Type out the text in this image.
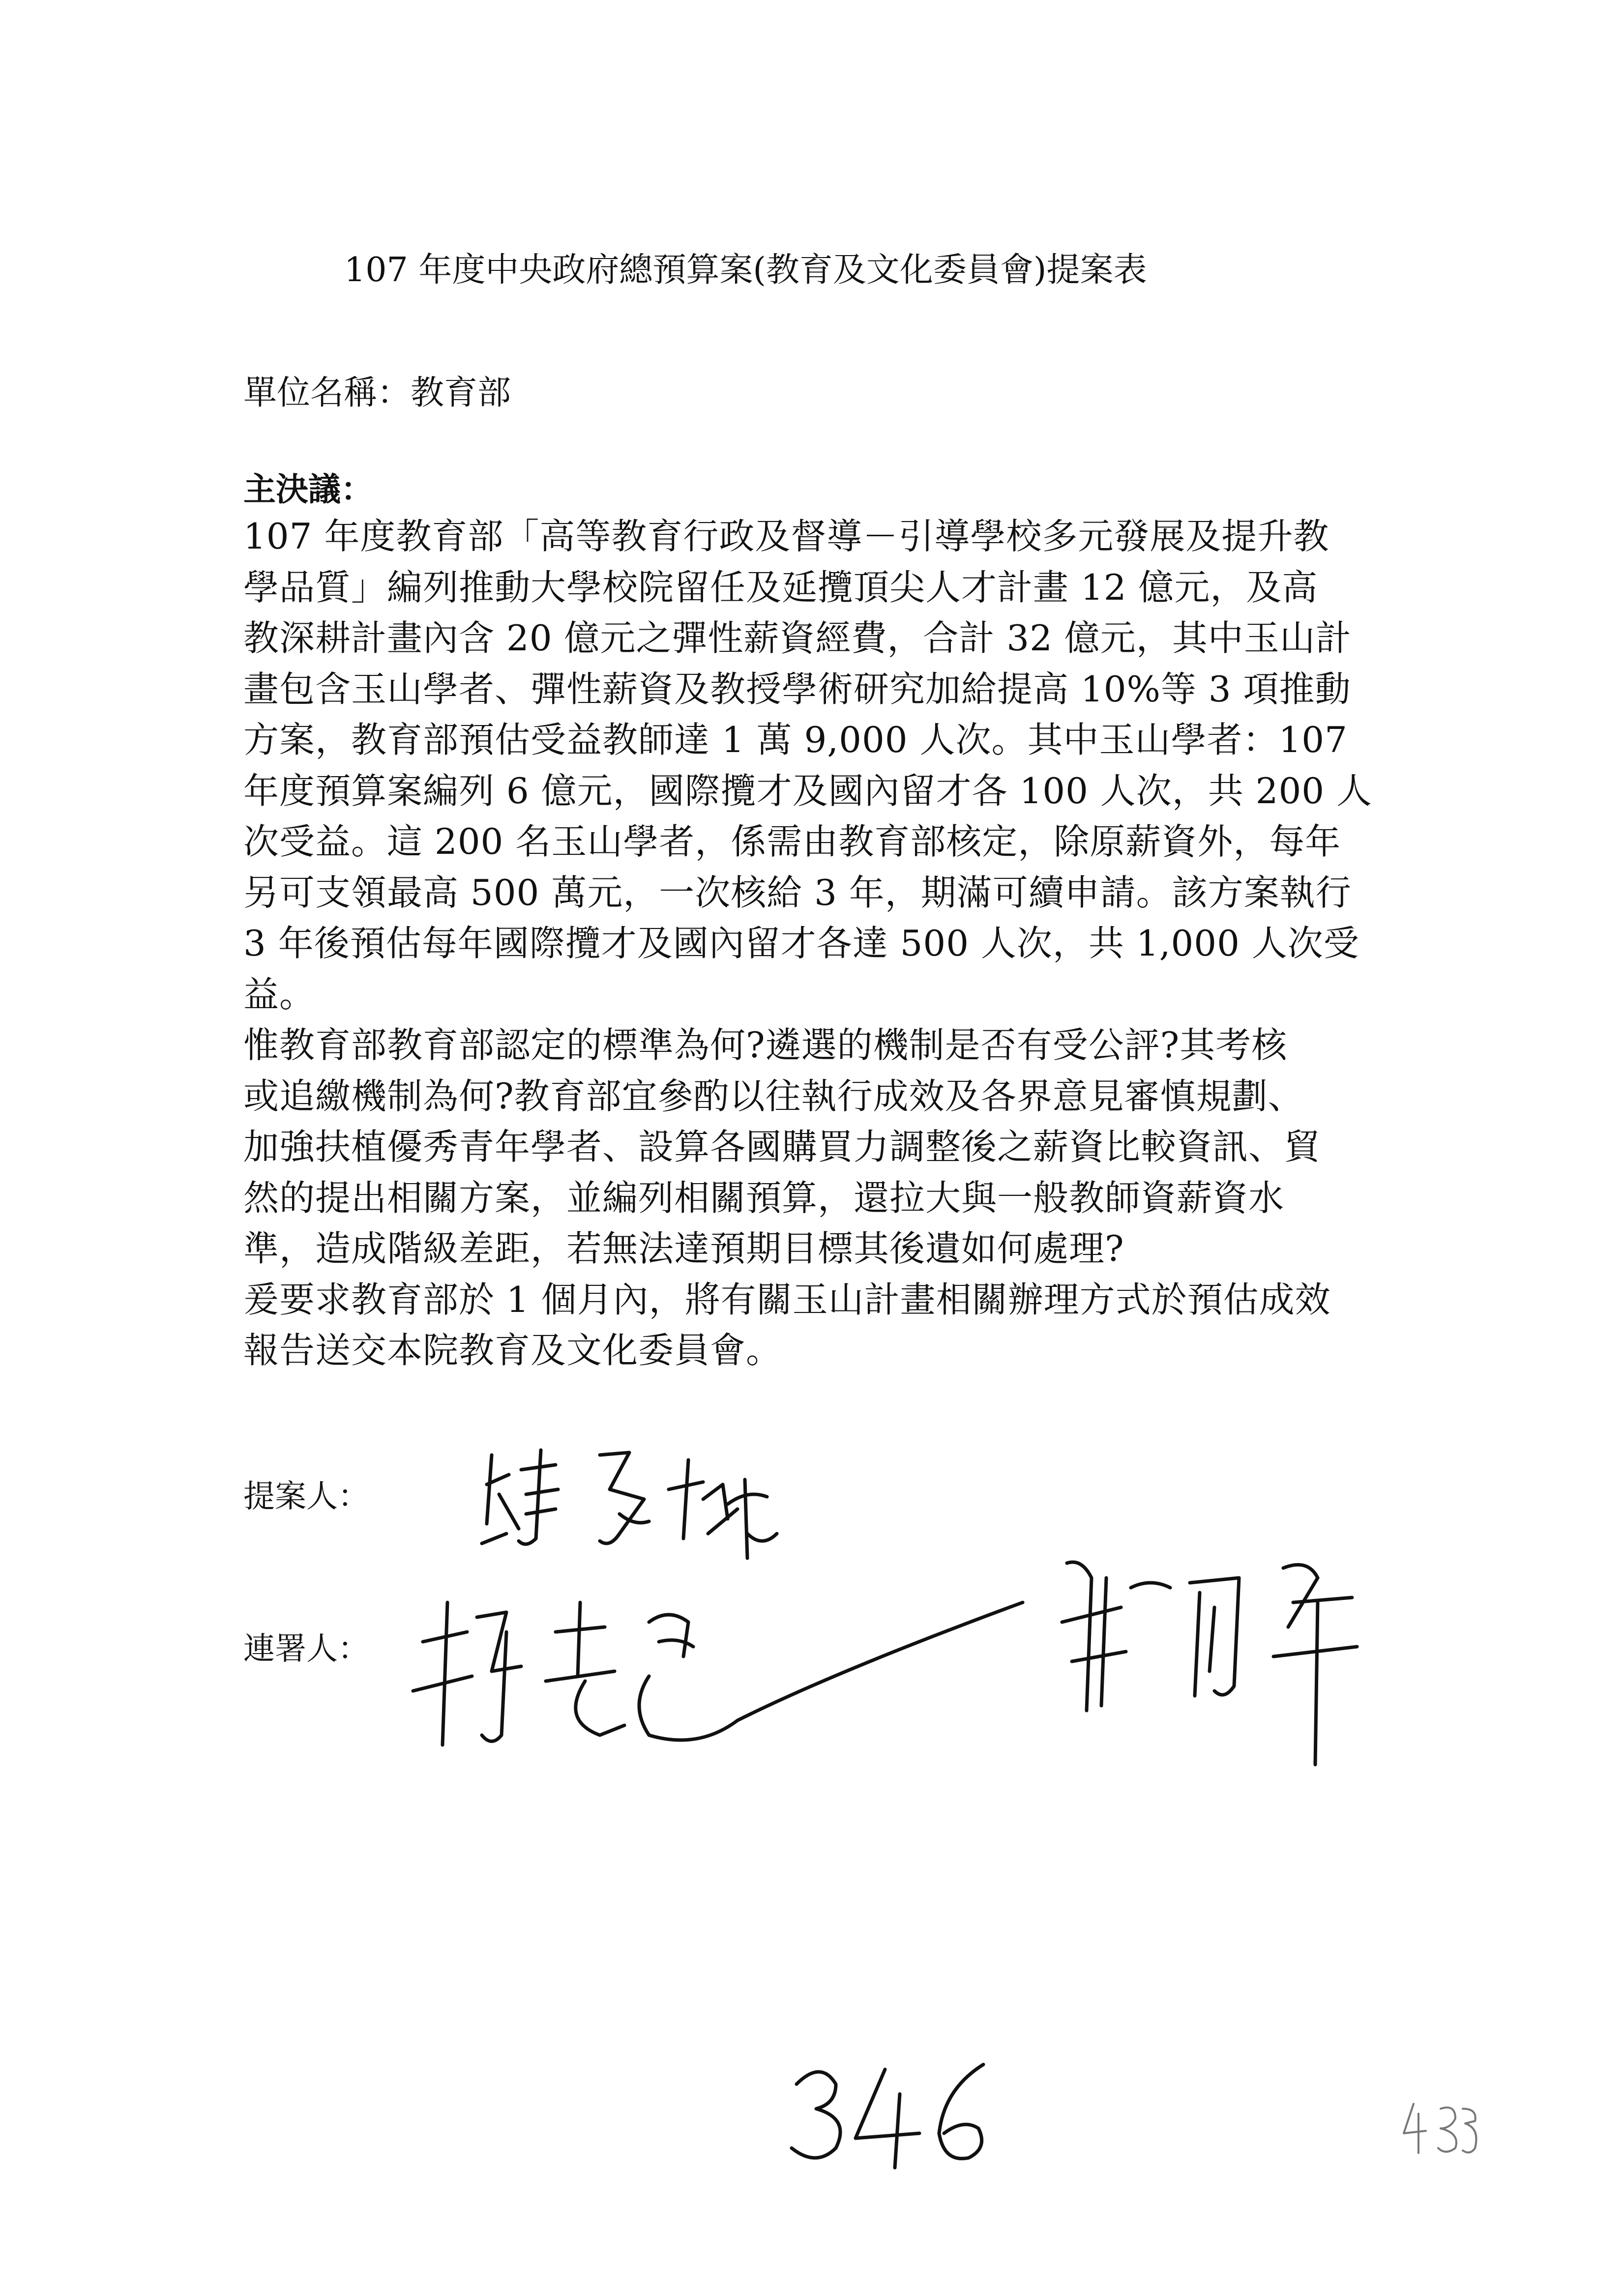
107 年度中央政府總預算案(教育及文化委員會)提案表
單位名稱：教育部
主決議：
107 年度教育部「高等教育行政及督導－引導學校多元發展及提升教
學品質」編列推動大學校院留任及延攬頂尖人才計畫 12 億元，及高
教深耕計畫內含 20 億元之彈性薪資經費，合計 32 億元，其中玉山計
畫包含玉山學者、彈性薪資及教授學術研究加給提高 10%等 3 項推動
方案，教育部預估受益教師達 1 萬 9,000 人次。其中玉山學者：107
年度預算案編列 6 億元，國際攬才及國內留才各 100 人次，共 200 人
次受益。這 200 名玉山學者，係需由教育部核定，除原薪資外，每年
另可支領最高 500 萬元，一次核給 3 年，期滿可續申請。該方案執行
3 年後預估每年國際攬才及國內留才各達 500 人次，共 1,000 人次受
益。
惟教育部教育部認定的標準為何?遴選的機制是否有受公評?其考核
或追繳機制為何?教育部宜參酌以往執行成效及各界意見審慎規劃、
加強扶植優秀青年學者、設算各國購買力調整後之薪資比較資訊、貿
然的提出相關方案，並編列相關預算，還拉大與一般教師資薪資水
準，造成階級差距，若無法達預期目標其後遺如何處理?
爰要求教育部於 1 個月內，將有關玉山計畫相關辦理方式於預估成效
報告送交本院教育及文化委員會。
提案人：
連署人：
